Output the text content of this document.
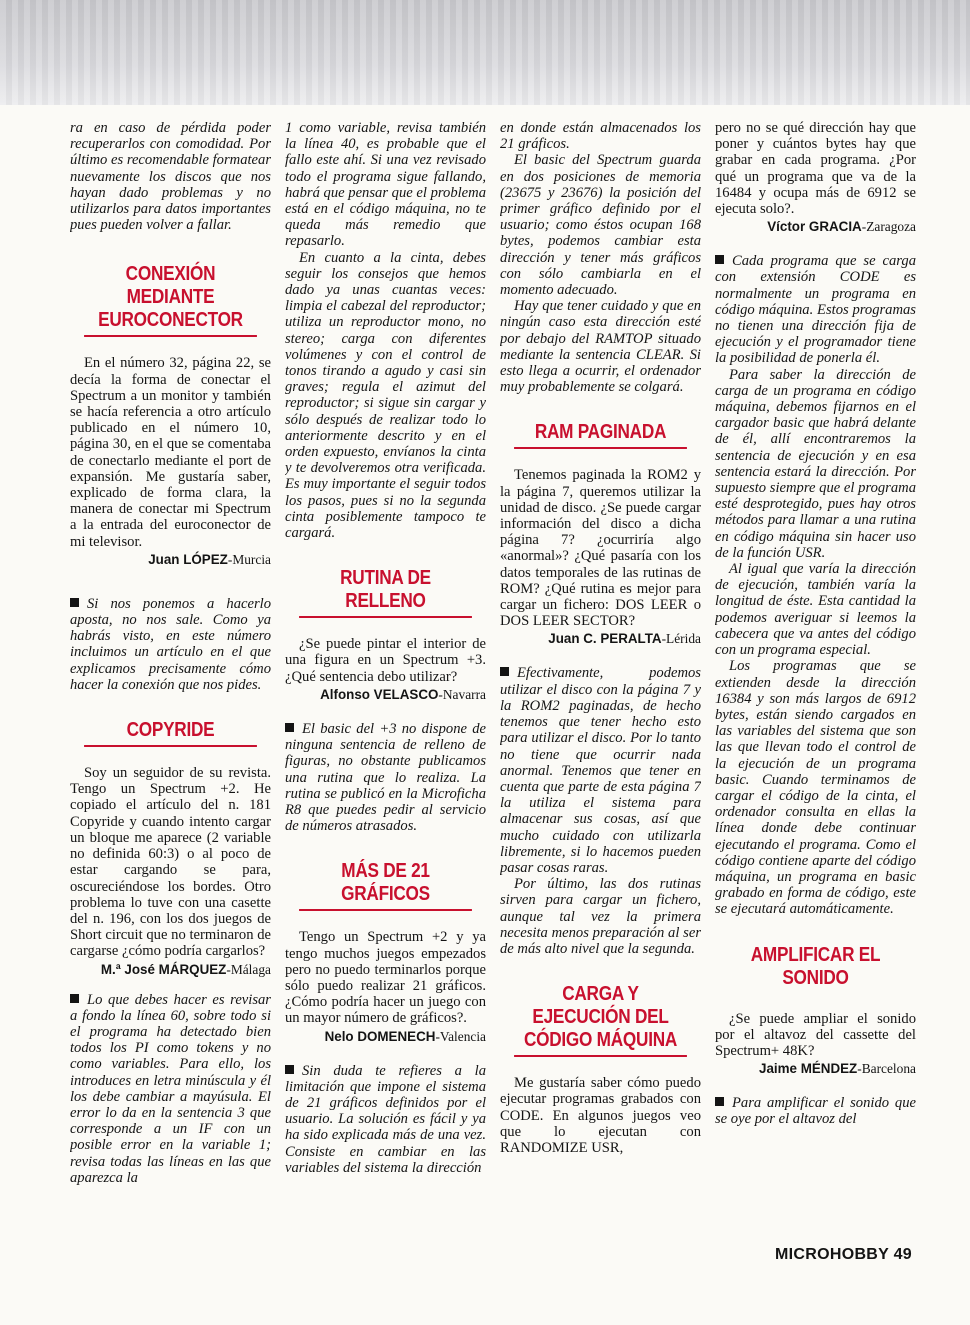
ra en caso de pérdida poder recuperarlos con comodidad. Por último es recomendable formatear nuevamente los discos que nos hayan dado problemas y no utilizarlos para datos importantes pues pueden volver a fallar.

CONEXIÓN MEDIANTE EUROCONECTOR

En el número 32, página 22, se decía la forma de conectar el Spectrum a un monitor y también se hacía referencia a otro artículo publicado en el número 10, página 30, en el que se comentaba de conectarlo mediante el port de expansión. Me gustaría saber, explicado de forma clara, la manera de conectar mi Spectrum a la entrada del euroconector de mi televisor.

Juan LÓPEZ-Murcia

Si nos ponemos a hacerlo aposta, no nos sale. Como ya habrás visto, en este número incluimos un artículo en el que explicamos precisamente cómo hacer la conexión que nos pides.

COPYRIDE

Soy un seguidor de su revista. Tengo un Spectrum +2. He copiado el artículo del n. 181 Copyride y cuando intento cargar un bloque me aparece (2 variable no definida 60:3) o al poco de estar cargando se para, oscureciéndose los bordes. Otro problema lo tuve con una casette del n. 196, con los dos juegos de Short circuit que no terminaron de cargarse ¿cómo podría cargarlos?

M.ª José MÁRQUEZ-Málaga

Lo que debes hacer es revisar a fondo la línea 60, sobre todo si el programa ha detectado bien todos los PI como tokens y no como variables. Para ello, los introduces en letra minúscula y él los debe cambiar a mayúsula. El error lo da en la sentencia 3 que corresponde a un IF con un posible error en la variable 1; revisa todas las líneas en las que aparezca la

1 como variable, revisa también la línea 40, es probable que el fallo este ahí. Si una vez revisado todo el programa sigue fallando, habrá que pensar que el problema está en el código máquina, no te queda más remedio que repasarlo.

En cuanto a la cinta, debes seguir los consejos que hemos dado ya unas cuantas veces: limpia el cabezal del reproductor; utiliza un reproductor mono, no stereo; carga con diferentes volúmenes y con el control de tonos tirando a agudo y casi sin graves; regula el azimut del reproductor; si sigue sin cargar y sólo después de realizar todo lo anteriormente descrito y en el orden expuesto, envíanos la cinta y te devolveremos otra verificada. Es muy importante el seguir todos los pasos, pues si no la segunda cinta posiblemente tampoco te cargará.

RUTINA DE RELLENO

¿Se puede pintar el interior de una figura en un Spectrum +3. ¿Qué sentencia debo utilizar?

Alfonso VELASCO-Navarra

El basic del +3 no dispone de ninguna sentencia de relleno de figuras, no obstante publicamos una rutina que lo realiza. La rutina se publicó en la Microficha R8 que puedes pedir al servicio de números atrasados.

MÁS DE 21 GRÁFICOS

Tengo un Spectrum +2 y ya tengo muchos juegos empezados pero no puedo terminarlos porque sólo puedo realizar 21 gráficos. ¿Cómo podría hacer un juego con un mayor número de gráficos?.

Nelo DOMENECH-Valencia

Sin duda te refieres a la limitación que impone el sistema de 21 gráficos definidos por el usuario. La solución es fácil y ya ha sido explicada más de una vez. Consiste en cambiar en las variables del sistema la dirección

en donde están almacenados los 21 gráficos.

El basic del Spectrum guarda en dos posiciones de memoria (23675 y 23676) la posición del primer gráfico definido por el usuario; como éstos ocupan 168 bytes, podemos cambiar esta dirección y tener más gráficos con sólo cambiarla en el momento adecuado.

Hay que tener cuidado y que en ningún caso esta dirección esté por debajo del RAMTOP situado mediante la sentencia CLEAR. Si esto llega a ocurrir, el ordenador muy probablemente se colgará.

RAM PAGINADA

Tenemos paginada la ROM2 y la página 7, queremos utilizar la unidad de disco. ¿Se puede cargar información del disco a dicha página 7? ¿ocurriría algo «anormal»? ¿Qué pasaría con los datos temporales de las rutinas de ROM? ¿Qué rutina es mejor para cargar un fichero: DOS LEER o DOS LEER SECTOR?

Juan C. PERALTA-Lérida

Efectivamente, podemos utilizar el disco con la página 7 y la ROM2 paginadas, de hecho tenemos que tener hecho esto para utilizar el disco. Por lo tanto no tiene que ocurrir nada anormal. Tenemos que tener en cuenta que parte de esta página 7 la utiliza el sistema para almacenar sus cosas, así que mucho cuidado con utilizarla libremente, si lo hacemos pueden pasar cosas raras.

Por último, las dos rutinas sirven para cargar un fichero, aunque tal vez la primera necesita menos preparación al ser de más alto nivel que la segunda.

CARGA Y EJECUCIÓN DEL CÓDIGO MÁQUINA

Me gustaría saber cómo puedo ejecutar programas grabados con CODE. En algunos juegos veo que lo ejecutan con RANDOMIZE USR,

pero no se qué dirección hay que poner y cuántos bytes hay que grabar en cada programa. ¿Por qué un programa que va de la 16484 y ocupa más de 6912 se ejecuta solo?.

Víctor GRACIA-Zaragoza

Cada programa que se carga con extensión CODE es normalmente un programa en código máquina. Estos programas no tienen una dirección fija de ejecución y el programador tiene la posibilidad de ponerla él.

Para saber la dirección de carga de un programa en código máquina, debemos fijarnos en el cargador basic que habrá delante de él, allí encontraremos la sentencia de ejecución y en esa sentencia estará la dirección. Por supuesto siempre que el programa esté desprotegido, pues hay otros métodos para llamar a una rutina en código máquina sin hacer uso de la función USR.

Al igual que varía la dirección de ejecución, también varía la longitud de éste. Esta cantidad la podemos averiguar si leemos la cabecera que va antes del código con un programa especial.

Los programas que se extienden desde la dirección 16384 y son más largos de 6912 bytes, están siendo cargados en las variables del sistema que son las que llevan todo el control de la ejecución de un programa basic. Cuando terminamos de cargar el código de la cinta, el ordenador consulta en ellas la línea donde debe continuar ejecutando el programa. Como el código contiene aparte del código máquina, un programa en basic grabado en forma de código, este se ejecutará automáticamente.

AMPLIFICAR EL SONIDO

¿Se puede ampliar el sonido por el altavoz del cassette del Spectrum+ 48K?

Jaime MÉNDEZ-Barcelona

Para amplificar el sonido que se oye por el altavoz del

MICROHOBBY 49
